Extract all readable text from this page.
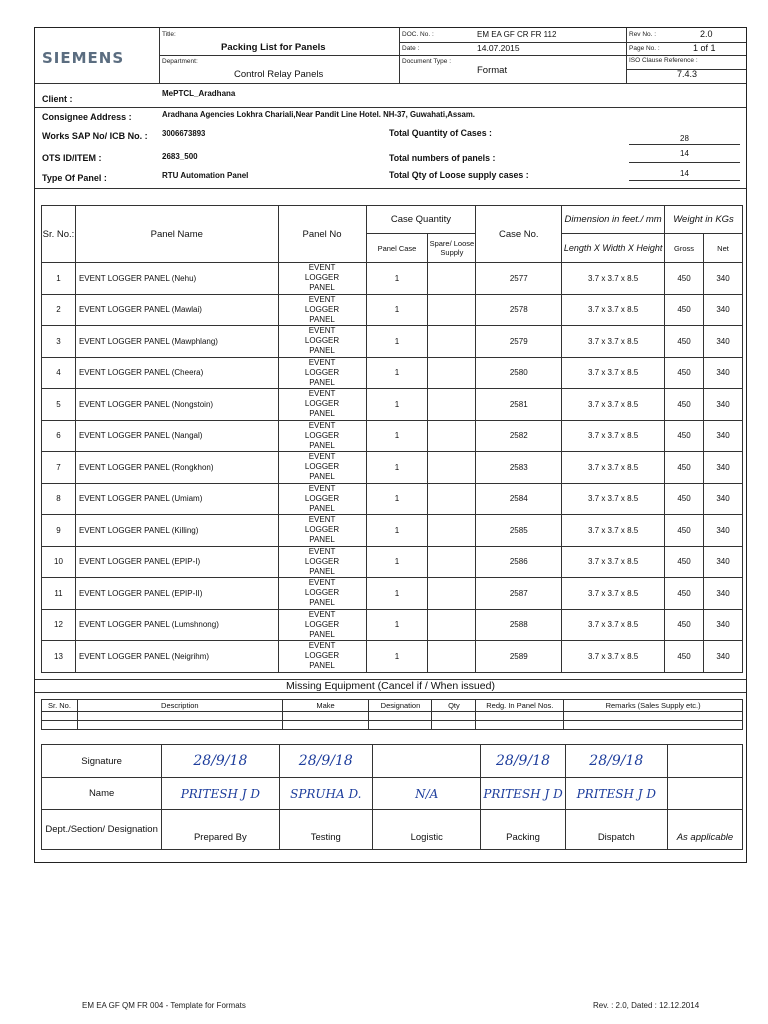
SIEMENS
Title:
Packing List for Panels
Department:
Control Relay Panels
DOC. No. :	EM EA GF CR FR 112
Date :	14.07.2015
Document Type :
Format
Rev No. :	2.0
Page No. :	1 of 1
ISO Clause Reference :
7.4.3
Client :
MePTCL_Aradhana
Consignee Address :	Aradhana Agencies Lokhra Chariali,Near Pandit Line Hotel. NH-37, Guwahati,Assam.
Works SAP No/ ICB No. : 3006673893
OTS ID/ITEM :	2683_500
Type Of Panel :	RTU Automation Panel
Total Quantity of Cases :
28
Total numbers of panels :	14
Total Qty of Loose supply cases :	14
Sr. No.:	Panel Name	Panel No	Case Quantity		Case No.	Dimension in feet./ mm	Weight in KGs	
			Panel Case	Spare/ Loose Supply		Length X Width X Height	Gross	Net
1	EVENT LOGGER PANEL (Nehu)	EVENT LOGGER PANEL	1		2577	3.7 x 3.7 x 8.5	450	340
2	EVENT LOGGER PANEL (Mawlai)	EVENT LOGGER PANEL	1		2578	3.7 x 3.7 x 8.5	450	340
3	EVENT LOGGER PANEL (Mawphlang)	EVENT LOGGER PANEL	1		2579	3.7 x 3.7 x 8.5	450	340
4	EVENT LOGGER PANEL (Cheera)	EVENT LOGGER PANEL	1		2580	3.7 x 3.7 x 8.5	450	340
5	EVENT LOGGER PANEL (Nongstoin)	EVENT LOGGER PANEL	1		2581	3.7 x 3.7 x 8.5	450	340
6	EVENT LOGGER PANEL (Nangal)	EVENT LOGGER PANEL	1		2582	3.7 x 3.7 x 8.5	450	340
7	EVENT LOGGER PANEL (Rongkhon)	EVENT LOGGER PANEL	1		2583	3.7 x 3.7 x 8.5	450	340
8	EVENT LOGGER PANEL (Umiam)	EVENT LOGGER PANEL	1		2584	3.7 x 3.7 x 8.5	450	340
9	EVENT LOGGER PANEL (Killing)	EVENT LOGGER PANEL	1		2585	3.7 x 3.7 x 8.5	450	340
10	EVENT LOGGER PANEL (EPIP-I)	EVENT LOGGER PANEL	1		2586	3.7 x 3.7 x 8.5	450	340
11	EVENT LOGGER PANEL (EPIP-II)	EVENT LOGGER PANEL	1		2587	3.7 x 3.7 x 8.5	450	340
12	EVENT LOGGER PANEL (Lumshnong)	EVENT LOGGER PANEL	1		2588	3.7 x 3.7 x 8.5	450	340
13	EVENT LOGGER PANEL (Neigrihm)	EVENT LOGGER PANEL	1		2589	3.7 x 3.7 x 8.5	450	340
Missing Equipment (Cancel if / When issued)
Sr. No.	Description	Make	Designation	Qty	Redg. In Panel Nos.	Remarks (Sales Supply etc.)

Signature	28/9/18	28/9/18		28/9/18	28/9/18	
Name	PRITESH J D	SPRUHA D.	N/A	PRITESH J D	PRITESH J D	
Dept./Section/ Designation	Prepared By	Testing	Logistic	Packing	Dispatch	As applicable
EM EA GF QM FR 004 - Template for Formats	Rev. : 2.0, Dated : 12.12.2014
